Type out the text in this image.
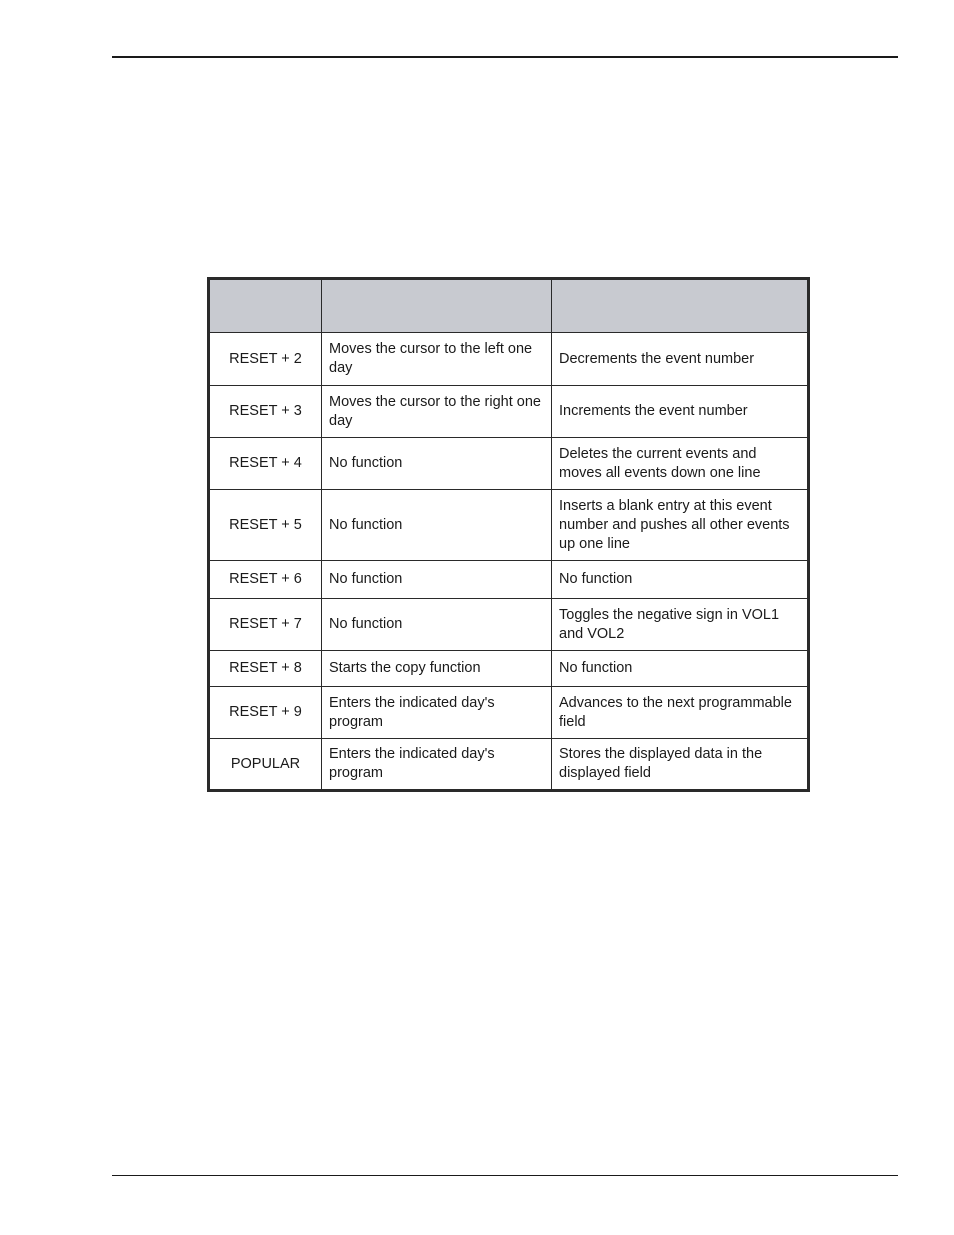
RESET + 2	Moves the cursor to the left one day	Decrements the event number
RESET + 3	Moves the cursor to the right one day	Increments the event number
RESET + 4	No function	Deletes the current events and moves all events down one line
RESET + 5	No function	Inserts a blank entry at this event number and pushes all other events up one line
RESET + 6	No function	No function
RESET + 7	No function	Toggles the negative sign in VOL1 and VOL2
RESET + 8	Starts the copy function	No function
RESET + 9	Enters the indicated day's program	Advances to the next programmable field
POPULAR	Enters the indicated day's program	Stores the displayed data in the displayed field
